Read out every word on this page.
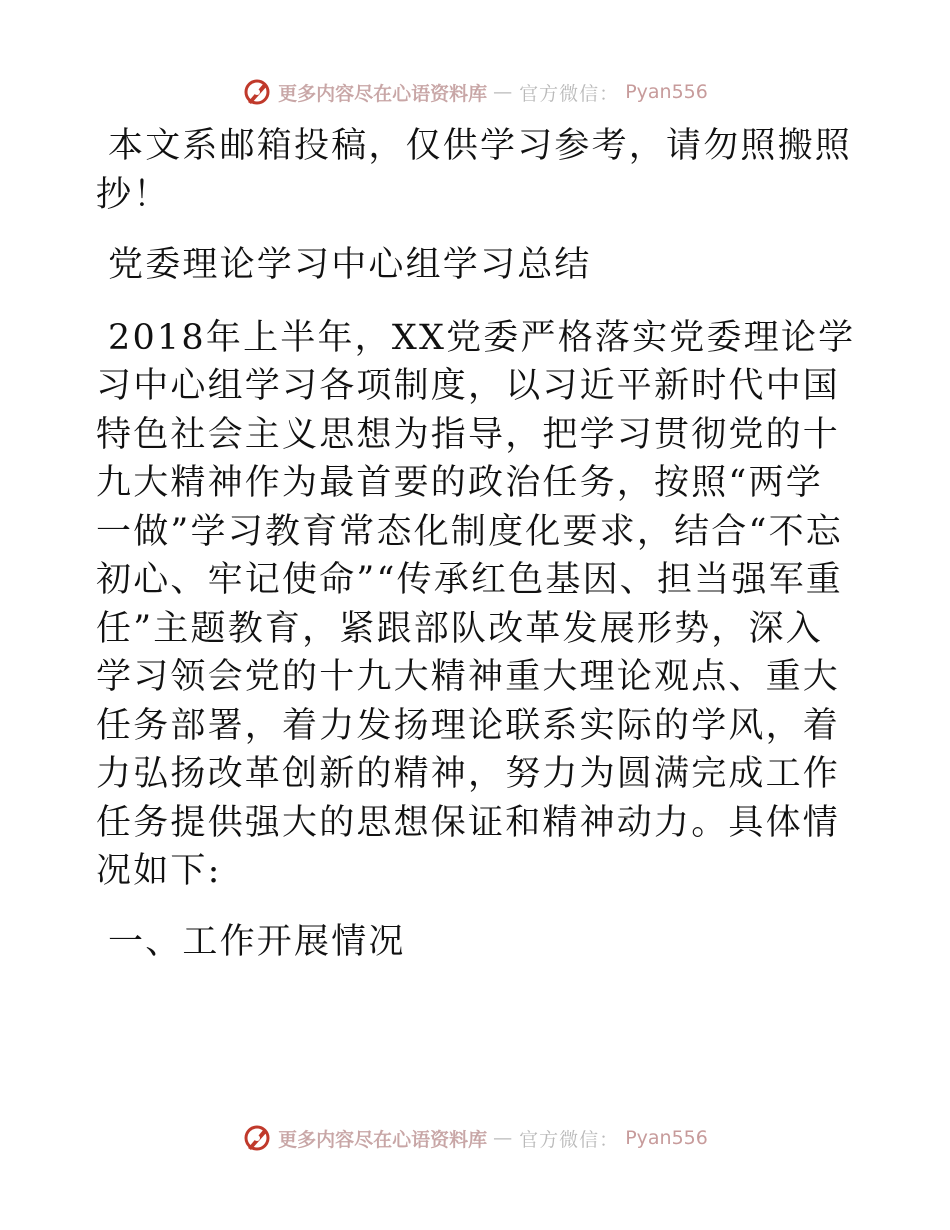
更多内容尽在心语资料库 — 官方微信： Pyan556

本文系邮箱投稿，仅供学习参考，请勿照搬照抄！

党委理论学习中心组学习总结

2018年上半年，XX党委严格落实党委理论学习中心组学习各项制度，以习近平新时代中国特色社会主义思想为指导，把学习贯彻党的十九大精神作为最首要的政治任务，按照“两学一做”学习教育常态化制度化要求，结合“不忘初心、牢记使命”“传承红色基因、担当强军重任”主题教育，紧跟部队改革发展形势，深入学习领会党的十九大精神重大理论观点、重大任务部署，着力发扬理论联系实际的学风，着力弘扬改革创新的精神，努力为圆满完成工作任务提供强大的思想保证和精神动力。具体情况如下:

一、工作开展情况

更多内容尽在心语资料库 — 官方微信： Pyan556
